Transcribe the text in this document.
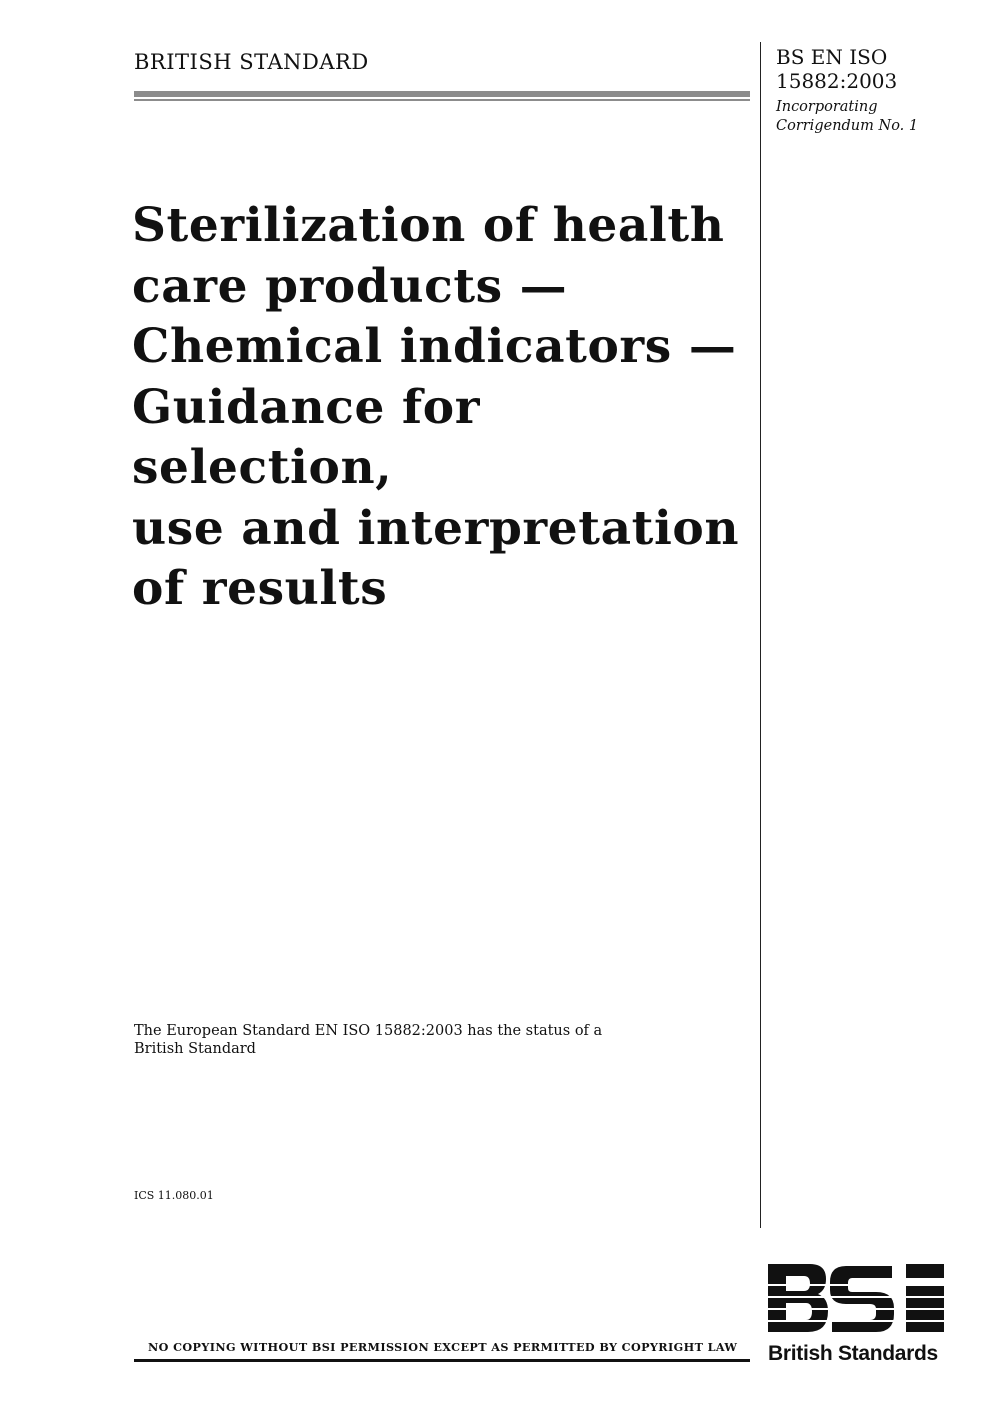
BRITISH STANDARD	BS EN ISO
15882:2003
Incorporating
Corrigendum No. 1
Sterilization of health
care products —
Chemical indicators —
Guidance for selection,
use and interpretation
of results
The European Standard EN ISO 15882:2003 has the status of a
British Standard
ICS 11.080.01
NO COPYING WITHOUT BSI PERMISSION EXCEPT AS PERMITTED BY COPYRIGHT LAW British Standards
